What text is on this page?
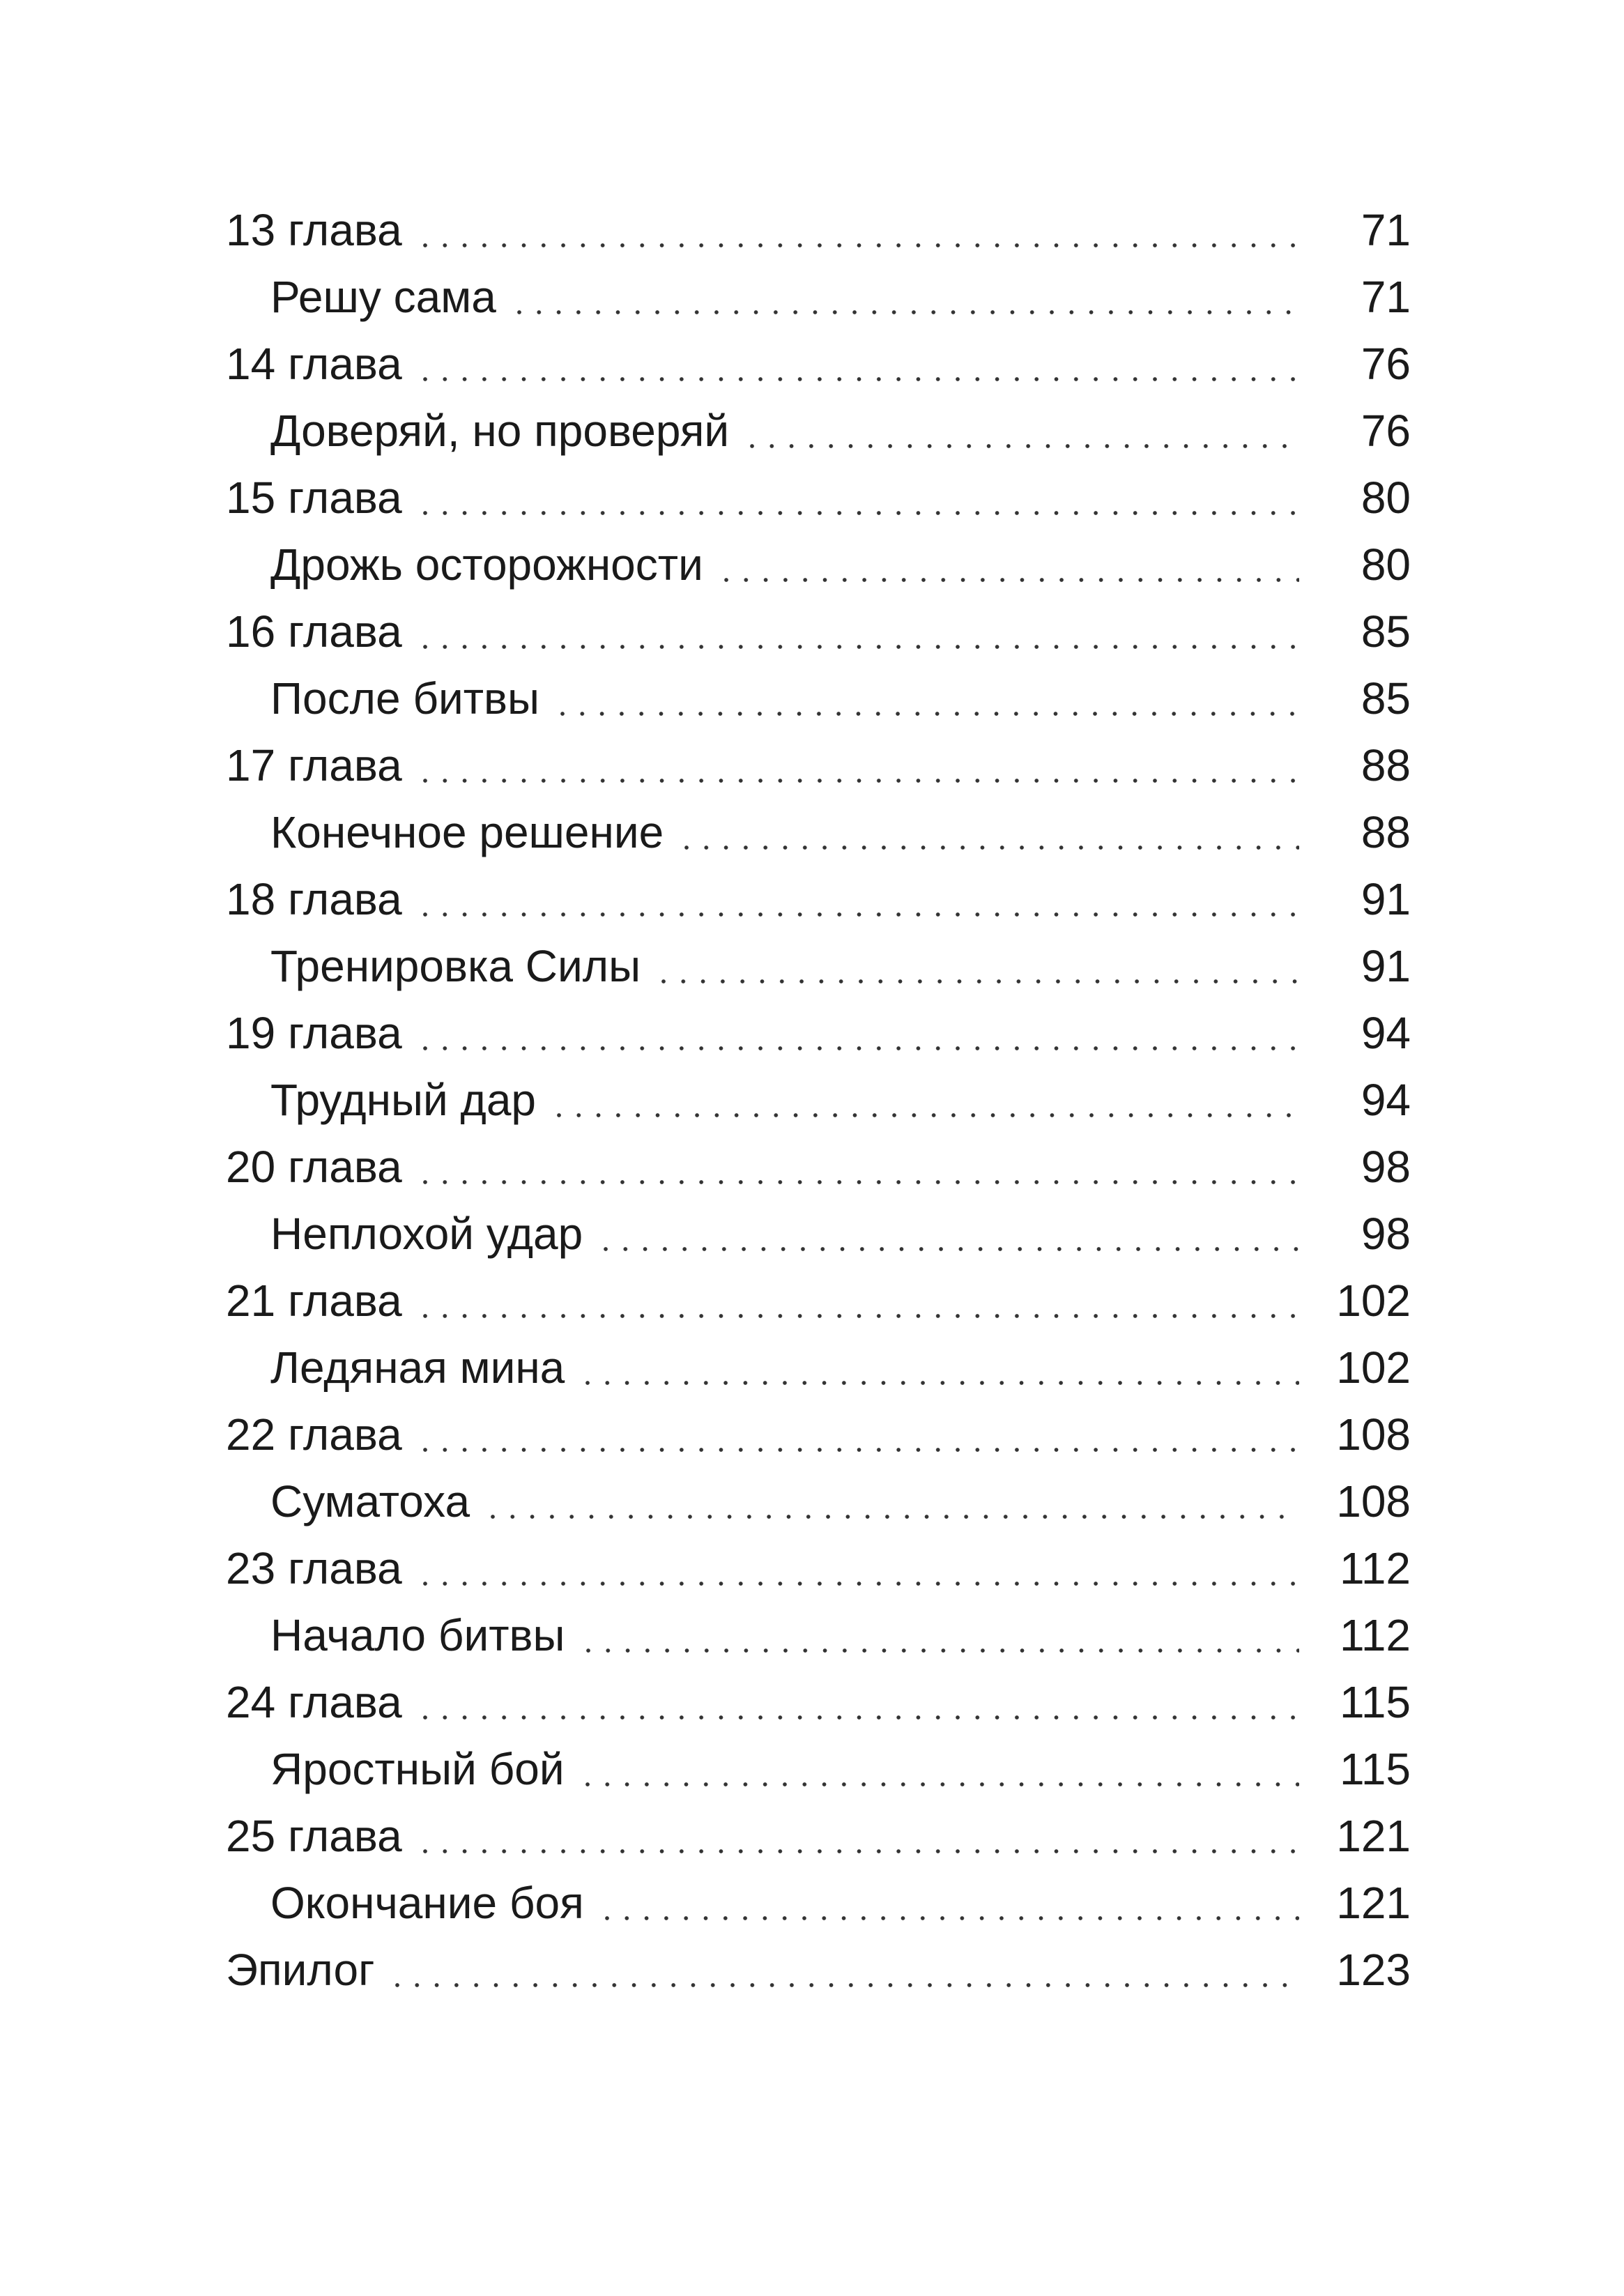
13 глава	71
Решу сама	71
14 глава	76
Доверяй, но проверяй	76
15 глава	80
Дрожь осторожности	80
16 глава	85
После битвы	85
17 глава	88
Конечное решение	88
18 глава	91
Тренировка Силы	91
19 глава	94
Трудный дар	94
20 глава	98
Неплохой удар	98
21 глава	102
Ледяная мина	102
22 глава	108
Суматоха	108
23 глава	112
Начало битвы	112
24 глава	115
Яростный бой	115
25 глава	121
Окончание боя	121
Эпилог	123
